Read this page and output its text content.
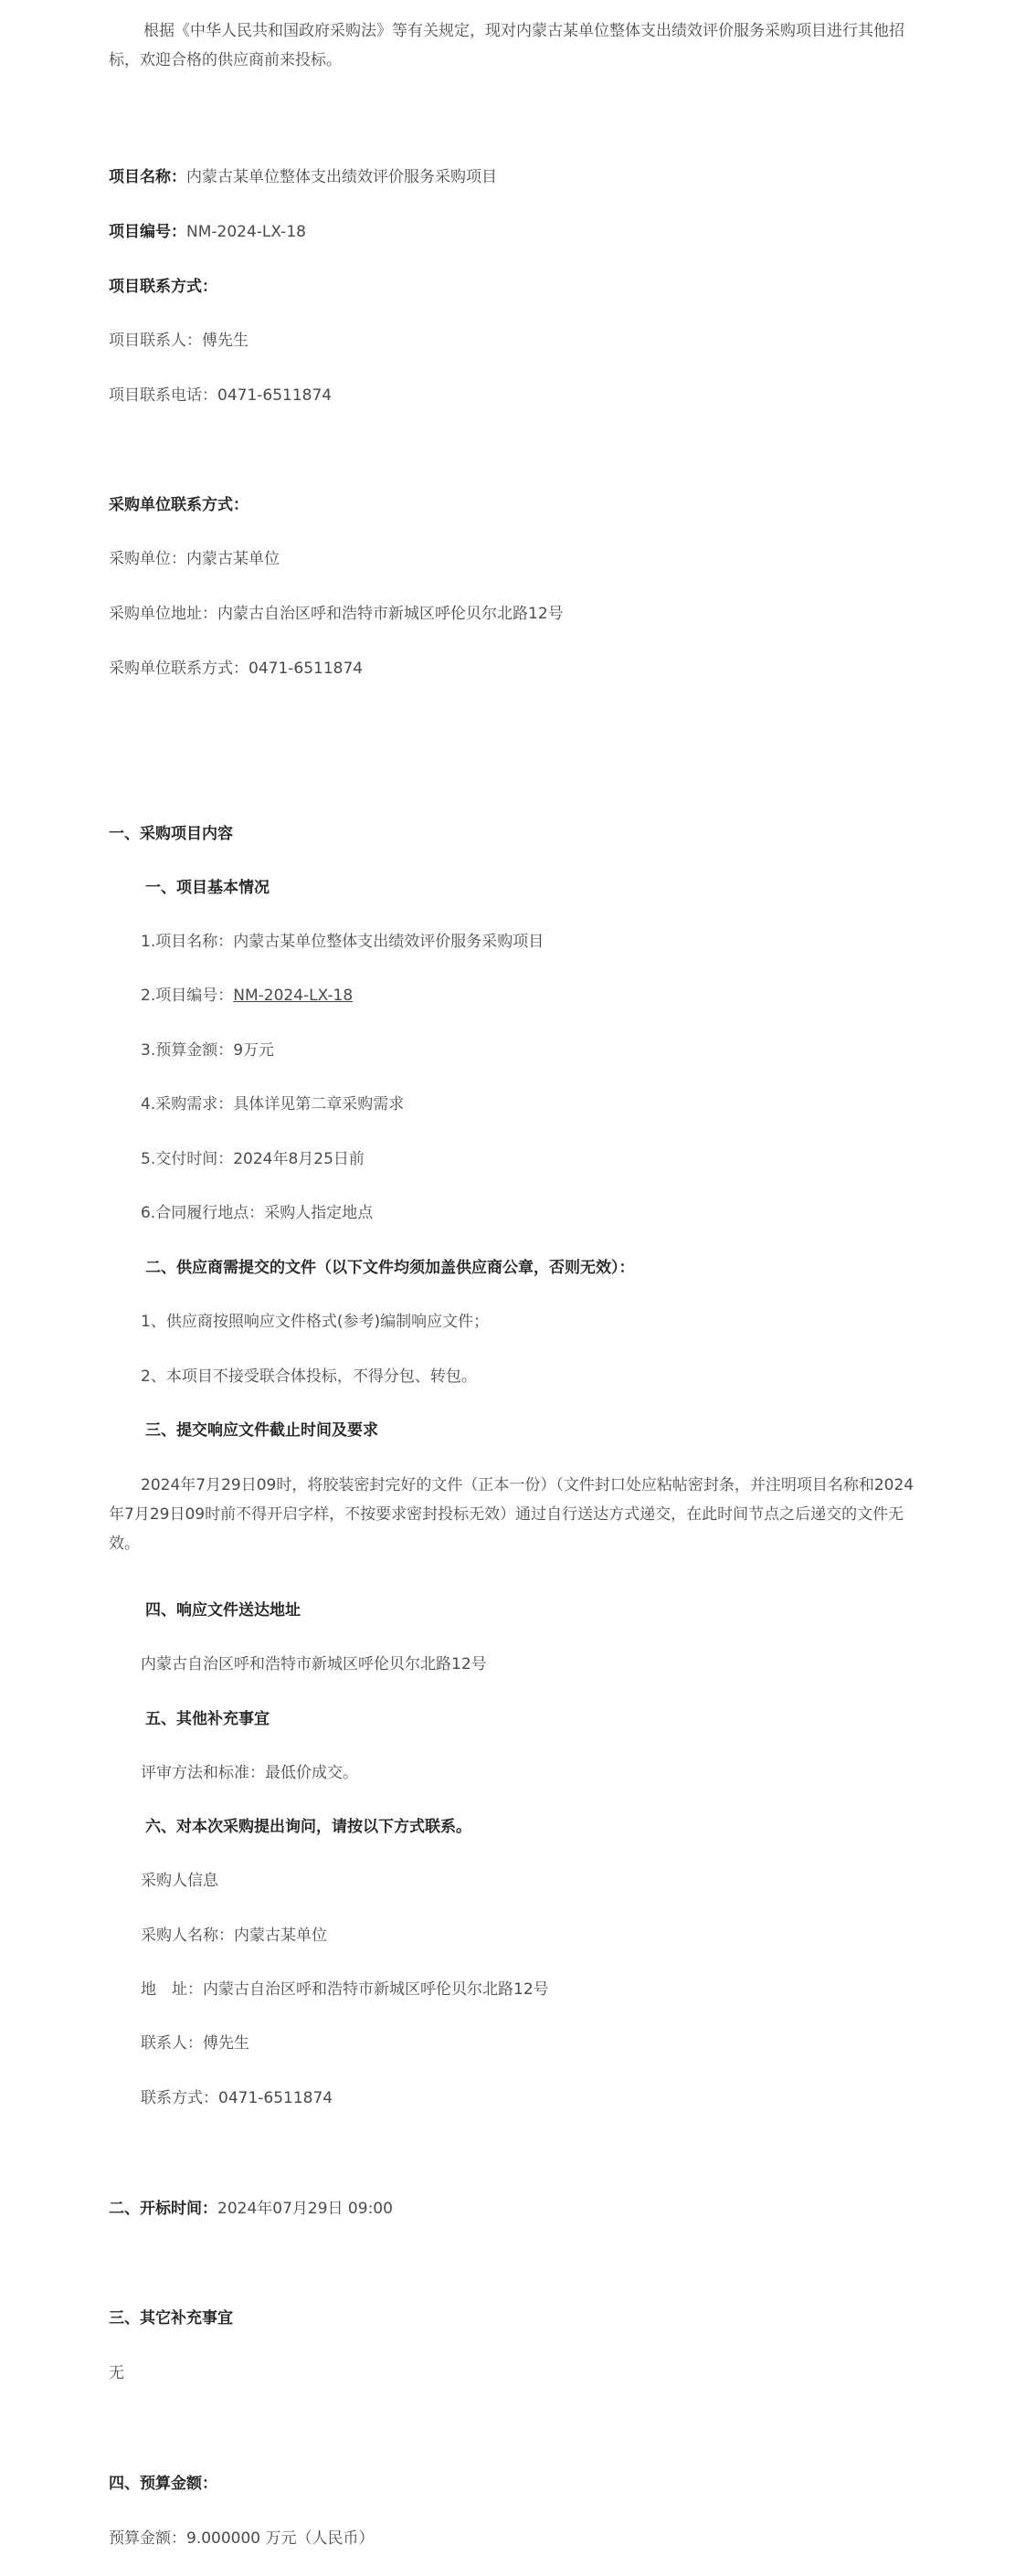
根据《中华人民共和国政府采购法》等有关规定，现对内蒙古某单位整体支出绩效评价服务采购项目进行其他招标，欢迎合格的供应商前来投标。

项目名称：内蒙古某单位整体支出绩效评价服务采购项目

项目编号：NM-2024-LX-18

项目联系方式：

项目联系人：傅先生

项目联系电话：0471-6511874

采购单位联系方式：

采购单位：内蒙古某单位

采购单位地址：内蒙古自治区呼和浩特市新城区呼伦贝尔北路12号

采购单位联系方式：0471-6511874

一、采购项目内容

一、项目基本情况

1.项目名称：内蒙古某单位整体支出绩效评价服务采购项目

2.项目编号：NM-2024-LX-18

3.预算金额：9万元

4.采购需求：具体详见第二章采购需求

5.交付时间：2024年8月25日前

6.合同履行地点：采购人指定地点

二、供应商需提交的文件（以下文件均须加盖供应商公章，否则无效）：

1、供应商按照响应文件格式(参考)编制响应文件；

2、本项目不接受联合体投标，不得分包、转包。

三、提交响应文件截止时间及要求

2024年7月29日09时，将胶装密封完好的文件（正本一份）（文件封口处应粘帖密封条，并注明项目名称和2024年7月29日09时前不得开启字样，不按要求密封投标无效）通过自行送达方式递交，在此时间节点之后递交的文件无效。

四、响应文件送达地址

内蒙古自治区呼和浩特市新城区呼伦贝尔北路12号

五、其他补充事宜

评审方法和标准：最低价成交。

六、对本次采购提出询问，请按以下方式联系。

采购人信息

采购人名称：内蒙古某单位

地　址：内蒙古自治区呼和浩特市新城区呼伦贝尔北路12号

联系人：傅先生

联系方式：0471-6511874

二、开标时间：2024年07月29日 09:00

三、其它补充事宜

无

四、预算金额：

预算金额：9.000000 万元（人民币）
